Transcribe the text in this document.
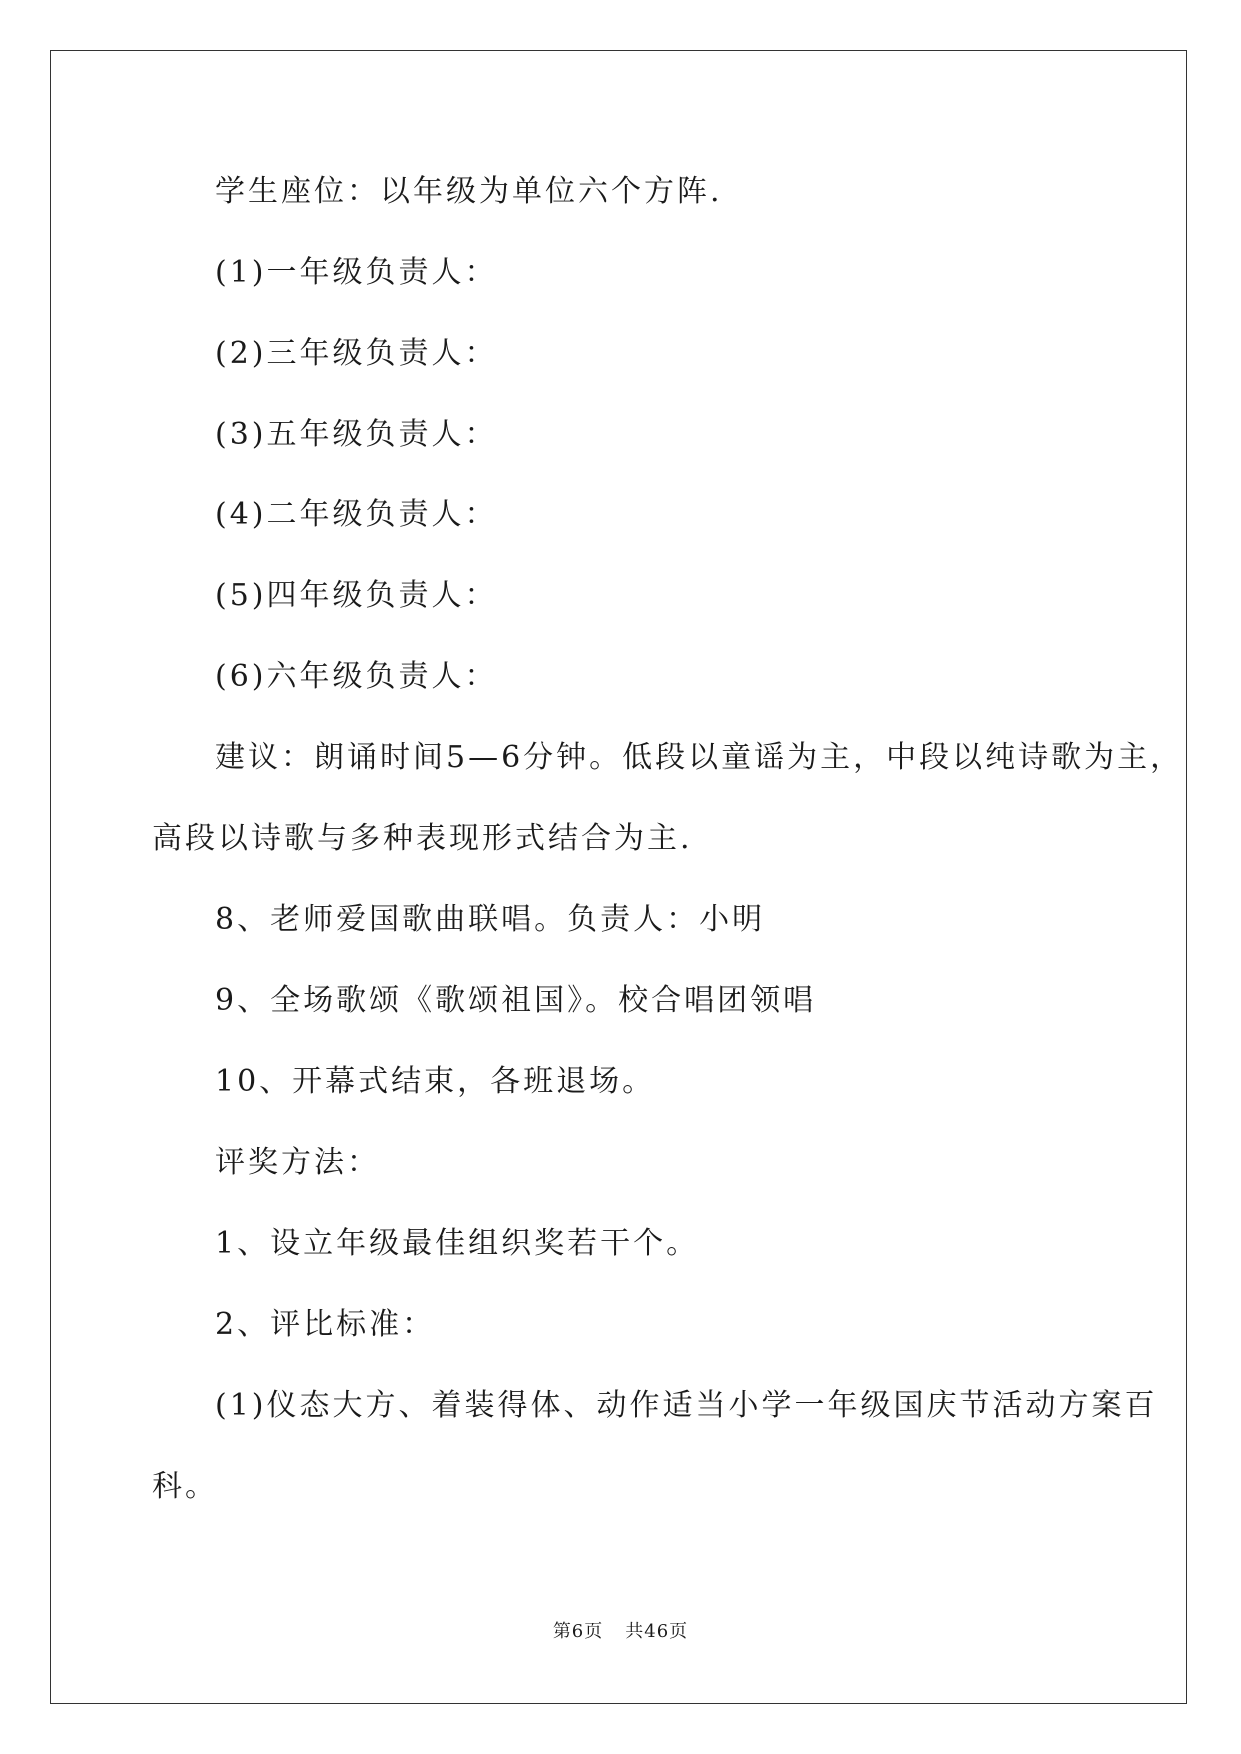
学生座位：以年级为单位六个方阵.
(1)一年级负责人：
(2)三年级负责人：
(3)五年级负责人：
(4)二年级负责人：
(5)四年级负责人：
(6)六年级负责人：
建议：朗诵时间5—6分钟。低段以童谣为主，中段以纯诗歌为主，
高段以诗歌与多种表现形式结合为主.
8、老师爱国歌曲联唱。负责人：小明
9、全场歌颂《歌颂祖国》。校合唱团领唱
10、开幕式结束，各班退场。
评奖方法：
1、设立年级最佳组织奖若干个。
2、评比标准：
(1)仪态大方、着装得体、动作适当小学一年级国庆节活动方案百
科。
第6页 共46页
